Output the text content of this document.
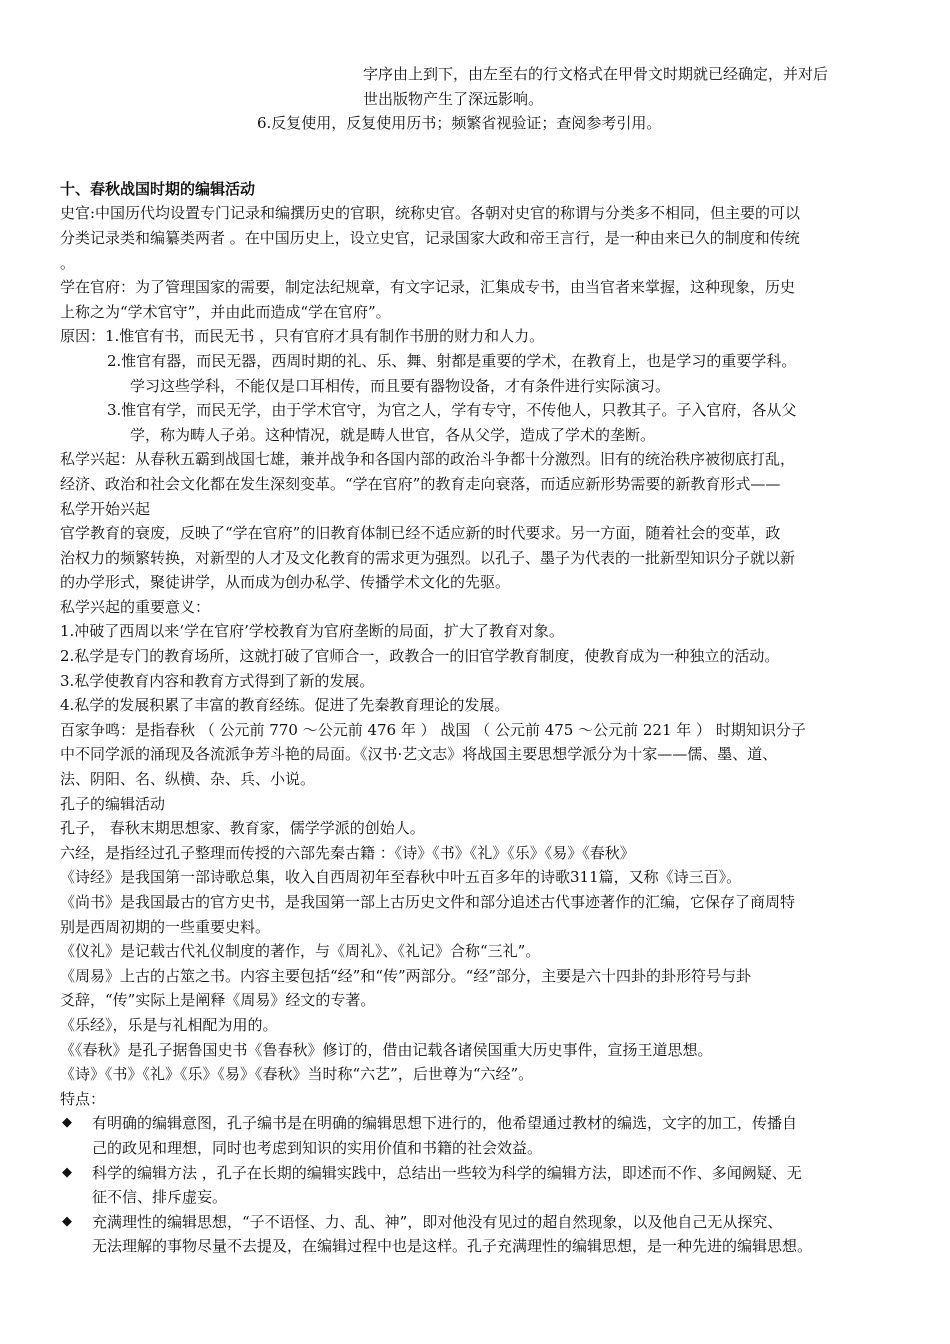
字序由上到下，由左至右的行文格式在甲骨文时期就已经确定，并对后

世出版物产生了深远影响。

6.反复使用，反复使用历书；频繁省视验证；查阅参考引用。

十、春秋战国时期的编辑活动

史官:中国历代均设置专门记录和编撰历史的官职，统称史官。各朝对史官的称谓与分类多不相同，但主要的可以

分类记录类和编纂类两者 。在中国历史上，设立史官，记录国家大政和帝王言行，是一种由来已久的制度和传统

。

学在官府：为了管理国家的需要，制定法纪规章，有文字记录，汇集成专书，由当官者来掌握，这种现象，历史

上称之为“学术官守”，并由此而造成“学在官府”。

原因：1.惟官有书，而民无书 ，只有官府才具有制作书册的财力和人力。

2.惟官有器，而民无器，西周时期的礼、乐、舞、射都是重要的学术，在教育上，也是学习的重要学科。

学习这些学科，不能仅是口耳相传，而且要有器物设备，才有条件进行实际演习。

3.惟官有学，而民无学，由于学术官守，为官之人，学有专守，不传他人，只教其子。子入官府，各从父

学，称为畴人子弟。这种情况，就是畴人世官，各从父学，造成了学术的垄断。

私学兴起：从春秋五霸到战国七雄，兼并战争和各国内部的政治斗争都十分激烈。旧有的统治秩序被彻底打乱，

经济、政治和社会文化都在发生深刻变革。“学在官府”的教育走向衰落，而适应新形势需要的新教育形式——

私学开始兴起

官学教育的衰废，反映了“学在官府”的旧教育体制已经不适应新的时代要求。另一方面，随着社会的变革，政

治权力的频繁转换，对新型的人才及文化教育的需求更为强烈。以孔子、墨子为代表的一批新型知识分子就以新

的办学形式，聚徒讲学，从而成为创办私学、传播学术文化的先驱。

私学兴起的重要意义：

1.冲破了西周以来‘学在官府’学校教育为官府垄断的局面，扩大了教育对象。

2.私学是专门的教育场所，这就打破了官师合一，政教合一的旧官学教育制度，使教育成为一种独立的活动。

3.私学使教育内容和教育方式得到了新的发展。

4.私学的发展积累了丰富的教育经练。促进了先秦教育理论的发展。

百家争鸣：是指春秋 （ 公元前 770 ～公元前 476 年 ） 战国 （ 公元前 475 ～公元前 221 年 ） 时期知识分子

中不同学派的涌现及各流派争芳斗艳的局面。《汉书·艺文志》将战国主要思想学派分为十家——儒、墨、道、

法、阴阳、名、纵横、杂、兵、小说。

孔子的编辑活动

孔子， 春秋末期思想家、教育家，儒学学派的创始人。

六经，是指经过孔子整理而传授的六部先秦古籍 ：《诗》《书》《礼》《乐》《易》《春秋》

《诗经》是我国第一部诗歌总集，收入自西周初年至春秋中叶五百多年的诗歌311篇，又称《诗三百》。

《尚书》是我国最古的官方史书，是我国第一部上古历史文件和部分追述古代事迹著作的汇编，它保存了商周特

别是西周初期的一些重要史料。

《仪礼》是记载古代礼仪制度的著作，与《周礼》、《礼记》合称“三礼”。

《周易》上古的占筮之书。内容主要包括“经”和“传”两部分。“经”部分，主要是六十四卦的卦形符号与卦

爻辞，“传”实际上是阐释《周易》经文的专著。

《乐经》，乐是与礼相配为用的。

《《春秋》是孔子据鲁国史书《鲁春秋》修订的，借由记载各诸侯国重大历史事件，宣扬王道思想。

《诗》《书》《礼》《乐》《易》《春秋》当时称“六艺”，后世尊为“六经”。

特点：

◆	有明确的编辑意图，孔子编书是在明确的编辑思想下进行的，他希望通过教材的编选，文字的加工，传播自

己的政见和理想，同时也考虑到知识的实用价值和书籍的社会效益。

◆	科学的编辑方法 ，孔子在长期的编辑实践中，总结出一些较为科学的编辑方法，即述而不作、多闻阙疑、无

征不信、排斥虚妄。

◆	充满理性的编辑思想，“子不语怪、力、乱、神”，即对他没有见过的超自然现象，以及他自己无从探究、

无法理解的事物尽量不去提及，在编辑过程中也是这样。孔子充满理性的编辑思想，是一种先进的编辑思想。
